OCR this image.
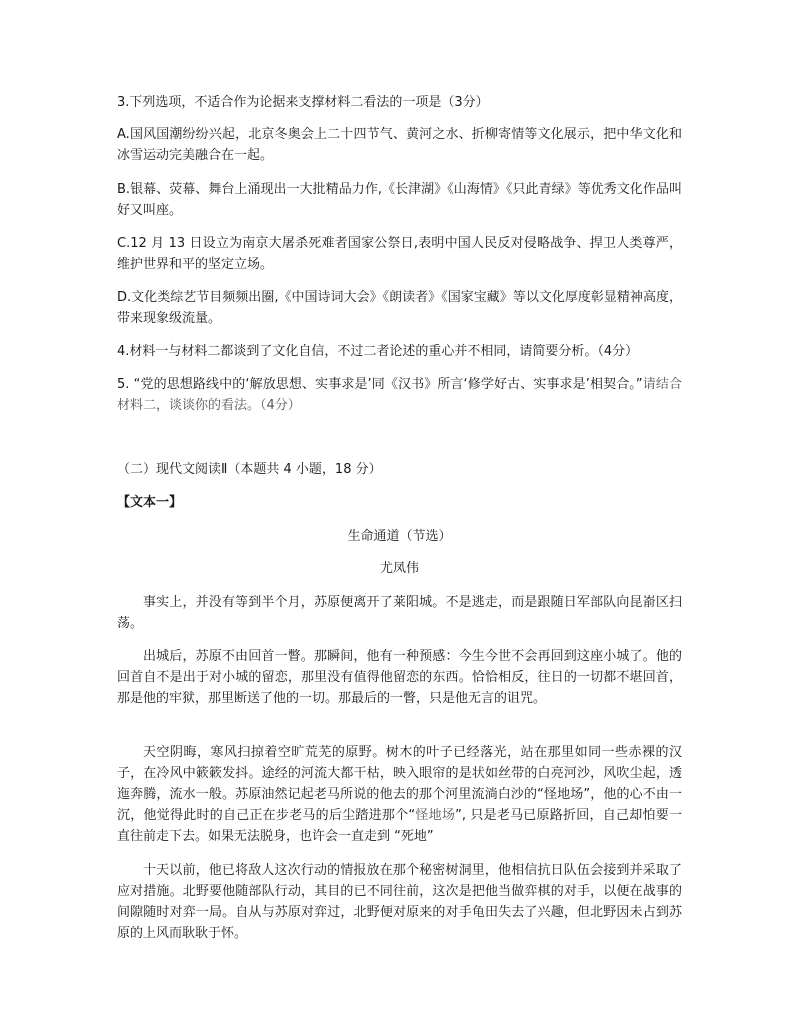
3.下列选项，不适合作为论据来支撑材料二看法的一项是（3分）

A.国风国潮纷纷兴起，北京冬奥会上二十四节气、黄河之水、折柳寄情等文化展示，把中华文化和冰雪运动完美融合在一起。

B.银幕、荧幕、舞台上涌现出一大批精品力作,《长津湖》《山海情》《只此青绿》等优秀文化作品叫好又叫座。

C.12 月 13 日设立为南京大屠杀死难者国家公祭日,表明中国人民反对侵略战争、捍卫人类尊严，维护世界和平的坚定立场。

D.文化类综艺节目频频出圈,《中国诗词大会》《朗读者》《国家宝藏》等以文化厚度彰显精神高度，带来现象级流量。

4.材料一与材料二都谈到了文化自信，不过二者论述的重心并不相同，请简要分析。（4分）

5. “党的思想路线中的‘解放思想、实事求是’同《汉书》所言‘修学好古、实事求是’相契合。”请结合材料二，谈谈你的看法。（4分）

（二）现代文阅读Ⅱ（本题共 4 小题，18 分）

【文本一】

生命通道（节选）

尤凤伟

事实上，并没有等到半个月，苏原便离开了莱阳城。不是逃走，而是跟随日军部队向昆嵛区扫荡。

出城后，苏原不由回首一瞥。那瞬间，他有一种预感：今生今世不会再回到这座小城了。他的回首自不是出于对小城的留恋，那里没有值得他留恋的东西。恰恰相反，往日的一切都不堪回首，那是他的牢狱，那里断送了他的一切。那最后的一瞥，只是他无言的诅咒。

天空阴晦，寒风扫掠着空旷荒芜的原野。树木的叶子已经落光，站在那里如同一些赤裸的汉子，在冷风中簌簌发抖。途经的河流大都干枯，映入眼帘的是状如丝带的白亮河沙，风吹尘起，透迤奔腾，流水一般。苏原油然记起老马所说的他去的那个河里流淌白沙的“怪地场”，他的心不由一沉，他觉得此时的自己正在步老马的后尘踏进那个“怪地场”, 只是老马已原路折回，自己却怕要一直往前走下去。如果无法脱身，也许会一直走到 “死地”

十天以前，他已将敌人这次行动的情报放在那个秘密树洞里，他相信抗日队伍会接到并采取了应对措施。北野要他随部队行动，其目的已不同往前，这次是把他当做弈棋的对手，以便在战事的间隙随时对弈一局。自从与苏原对弈过，北野便对原来的对手龟田失去了兴趣，但北野因未占到苏原的上风而耿耿于怀。
